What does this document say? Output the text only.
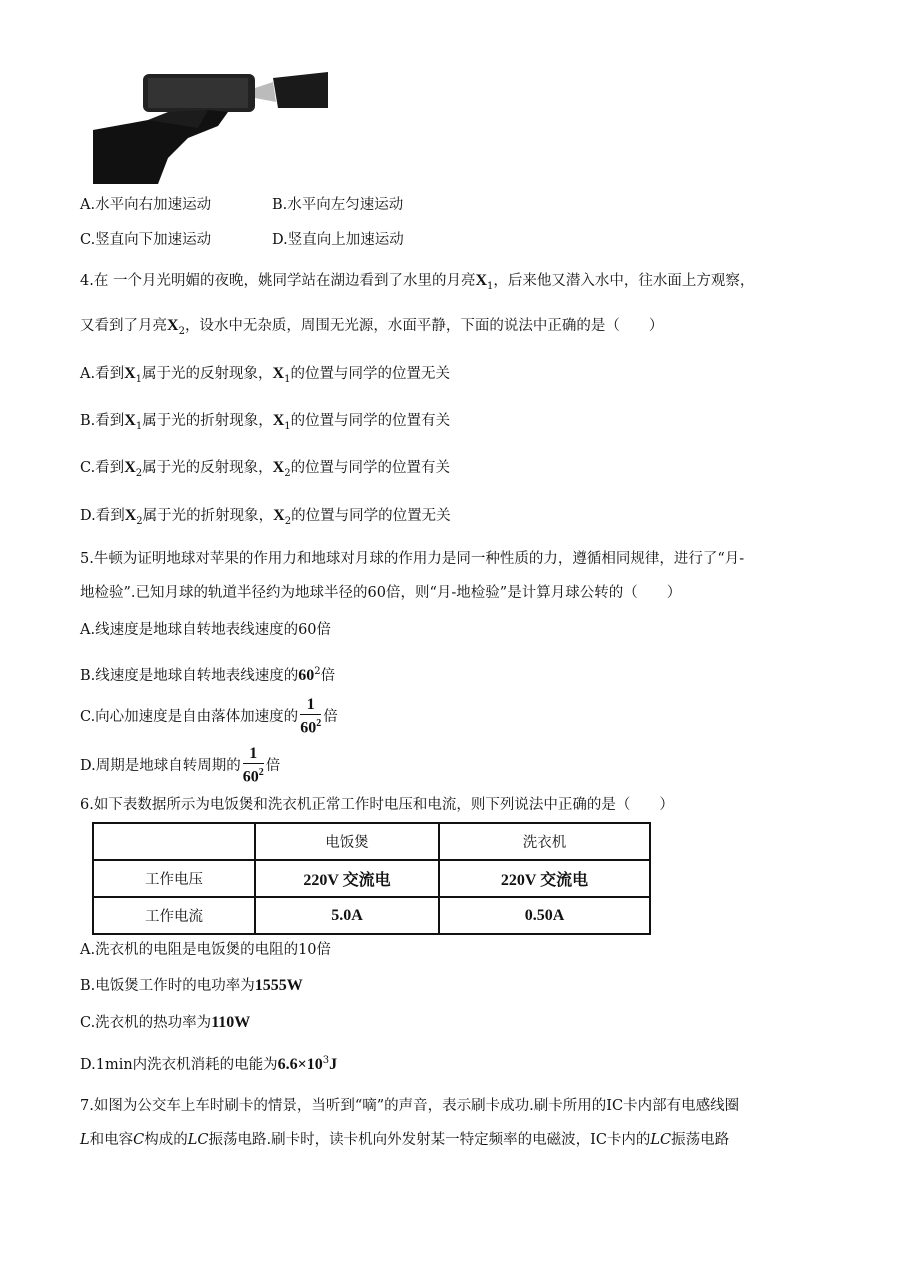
A.水平向右加速运动	B.水平向左匀速运动
C.竖直向下加速运动	D.竖直向上加速运动
4.在 一个月光明媚的夜晚，姚同学站在湖边看到了水里的月亮$X_1$，后来他又潜入水中，往水面上方观察，
又看到了月亮$X_2$，设水中无杂质，周围无光源，水面平静，下面的说法中正确的是（　　）
A.看到$X_1$属于光的反射现象，$X_1$的位置与同学的位置无关
B.看到$X_1$属于光的折射现象，$X_1$的位置与同学的位置有关
C.看到$X_2$属于光的反射现象，$X_2$的位置与同学的位置有关
D.看到$X_2$属于光的折射现象，$X_2$的位置与同学的位置无关
5.牛顿为证明地球对苹果的作用力和地球对月球的作用力是同一种性质的力，遵循相同规律，进行了“月-
地检验”.已知月球的轨道半径约为地球半径的60倍，则“月-地检验”是计算月球公转的（　　）
A.线速度是地球自转地表线速度的60倍
B.线速度是地球自转地表线速度的$60^2$倍
C.向心加速度是自由落体加速度的 $\frac{1}{60^2}$ 倍
D.周期是地球自转周期的 $\frac{1}{60^2}$ 倍
6.如下表数据所示为电饭煲和洗衣机正常工作时电压和电流，则下列说法中正确的是（　　）
	电饭煲	洗衣机
工作电压	220V 交流电	220V 交流电
工作电流	5.0A	0.50A
A.洗衣机的电阻是电饭煲的电阻的10倍
B.电饭煲工作时的电功率为1555W
C.洗衣机的热功率为110W
D.1min内洗衣机消耗的电能为$6.6\times 10^3J$
7.如图为公交车上车时刷卡的情景，当听到“嘀”的声音，表示刷卡成功.刷卡所用的IC卡内部有电感线圈
L和电容C构成的LC振荡电路.刷卡时，读卡机向外发射某一特定频率的电磁波，IC卡内的LC振荡电路
